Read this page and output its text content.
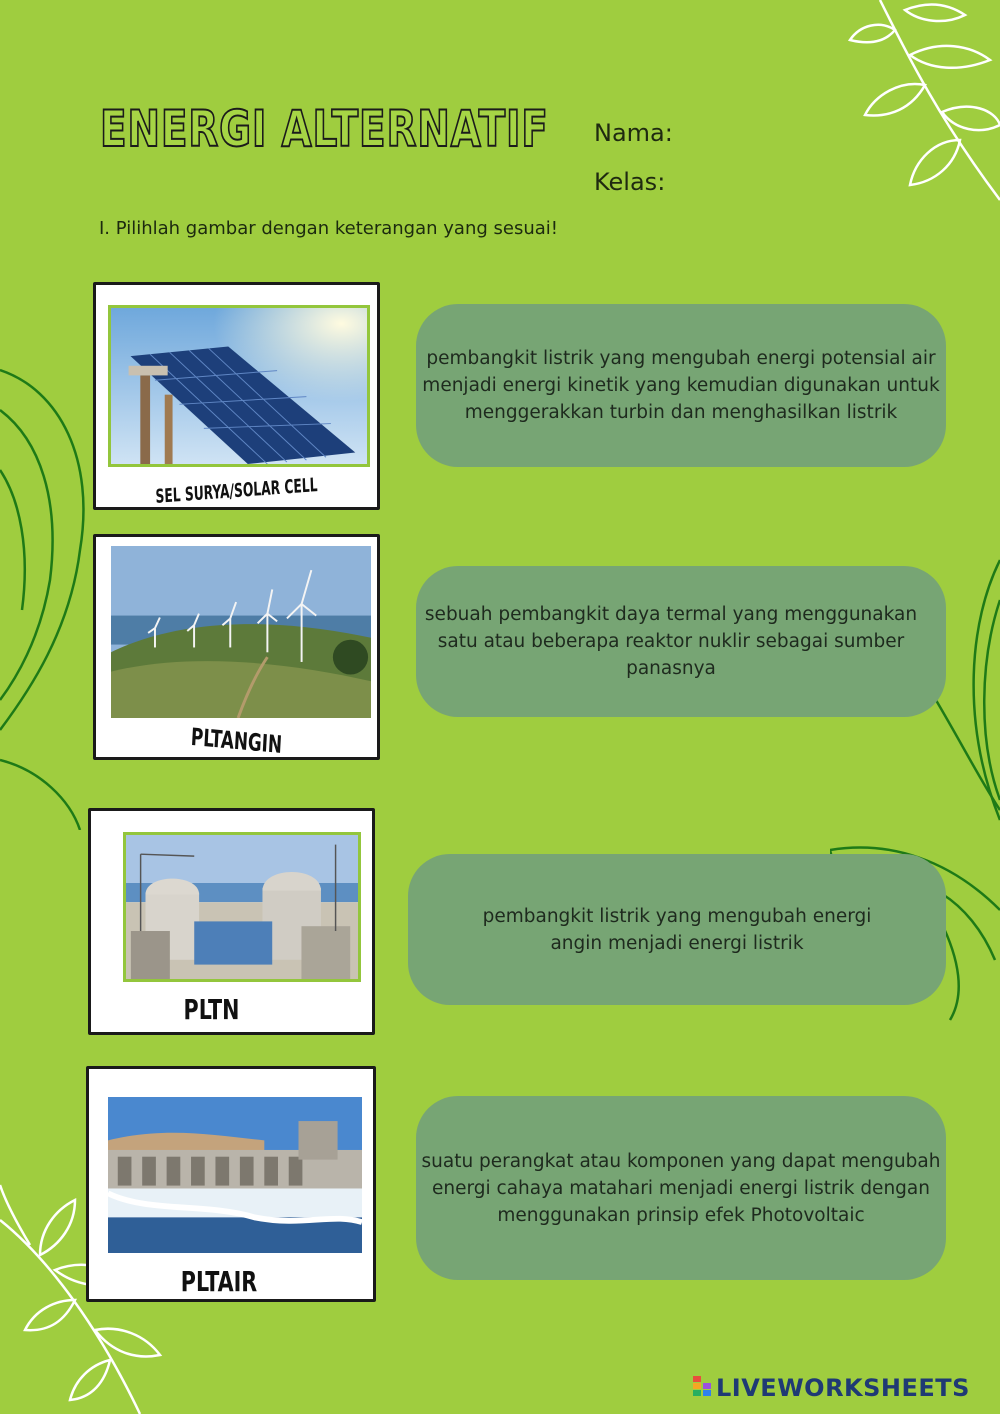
ENERGI ALTERNATIF Nama:
Kelas:
I. Pilihlah gambar dengan keterangan yang sesuai!
SEL SURYA/SOLAR CELL
PLTANGIN
PLTN
PLTAIR
pembangkit listrik yang mengubah energi potensial air menjadi energi kinetik yang kemudian digunakan untuk menggerakkan turbin dan menghasilkan listrik
sebuah pembangkit daya termal yang menggunakan satu atau beberapa reaktor nuklir sebagai sumber panasnya
pembangkit listrik yang mengubah energi angin menjadi energi listrik
suatu perangkat atau komponen yang dapat mengubah energi cahaya matahari menjadi energi listrik dengan menggunakan prinsip efek Photovoltaic
LIVEWORKSHEETS
